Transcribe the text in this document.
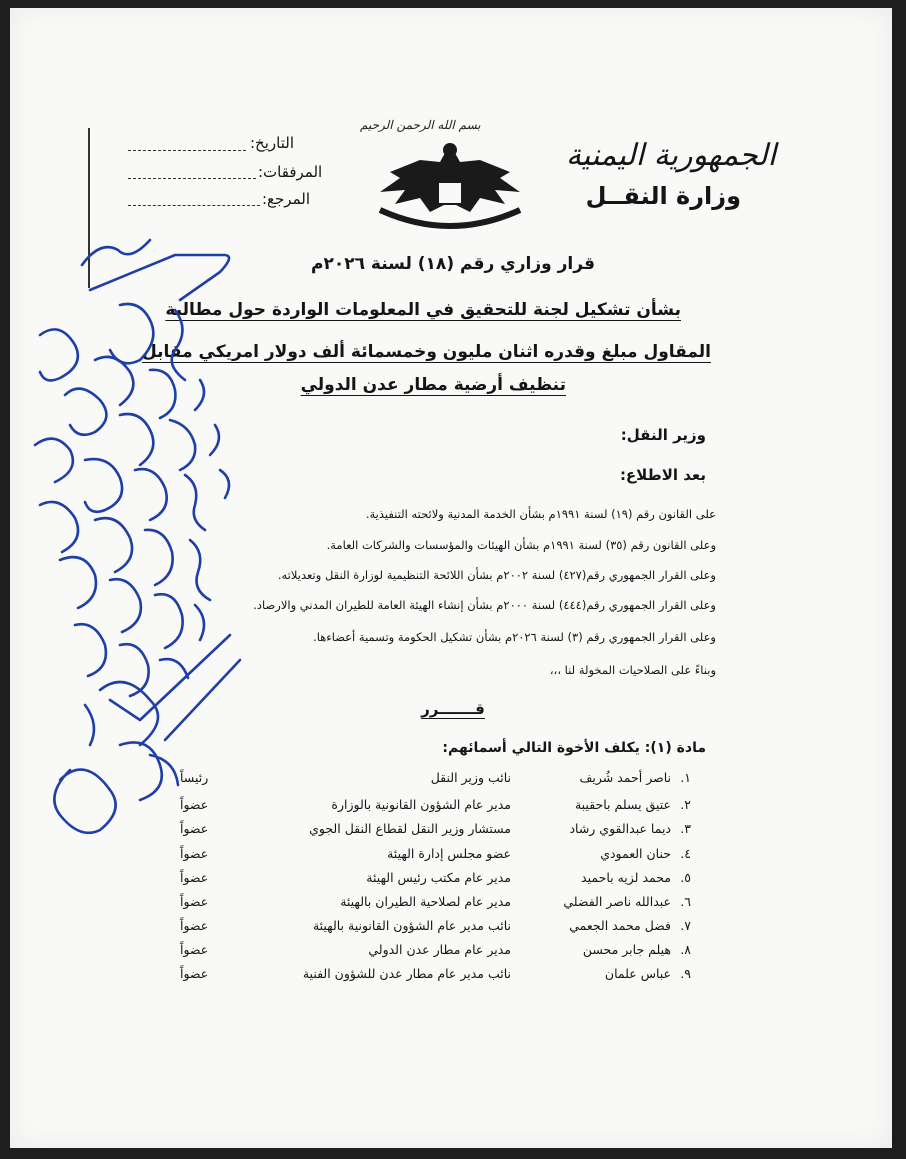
الجمهورية اليمنية
وزارة النقــل
بسم الله الرحمن الرحيم
التاريخ:
المرفقات:
المرجع:
قرار وزاري رقم (١٨) لسنة ٢٠٢٦م
بشأن تشكيل لجنة للتحقيق في المعلومات الواردة حول مطالبة
المقاول مبلغ وقدره اثنان مليون وخمسمائة ألف دولار امريكي مقابل
تنظيف أرضية مطار عدن الدولي
وزير النقل:
بعد الاطلاع:
على القانون رقم (١٩) لسنة ١٩٩١م بشأن الخدمة المدنية ولائحته التنفيذية.
وعلى القانون رقم (٣٥) لسنة ١٩٩١م بشأن الهيئات والمؤسسات والشركات العامة.
وعلى القرار الجمهوري رقم(٤٢٧) لسنة ٢٠٠٢م بشأن اللائحة التنظيمية لوزارة النقل وتعديلاته.
وعلى القرار الجمهوري رقم(٤٤٤) لسنة ٢٠٠٠م بشأن إنشاء الهيئة العامة للطيران المدني والارصاد.
وعلى القرار الجمهوري رقم (٣) لسنة ٢٠٢٦م بشأن تشكيل الحكومة وتسمية أعضاءها.
وبناءً على الصلاحيات المخولة لنا ،،،
قـــــــرر
مادة (١): يكلف الأخوة التالي أسمائهم:
١.
ناصر أحمد شُريف
نائب وزير النقل
رئيساً
٢.
عتيق يسلم باحقيبة
مدير عام الشؤون القانونية بالوزارة
عضواً
٣.
ديما عبدالقوي رشاد
مستشار وزير النقل لقطاع النقل الجوي
عضواً
٤.
حنان العمودي
عضو مجلس إدارة الهيئة
عضواً
٥.
محمد لزيه باحميد
مدير عام مكتب رئيس الهيئة
عضواً
٦.
عبدالله ناصر الفضلي
مدير عام لصلاحية الطيران بالهيئة
عضواً
٧.
فضل محمد الجعمي
نائب مدير عام الشؤون القانونية بالهيئة
عضواً
٨.
هيلم جابر محسن
مدير عام مطار عدن الدولي
عضواً
٩.
عباس علمان
نائب مدير عام مطار عدن للشؤون الفنية
عضواً
